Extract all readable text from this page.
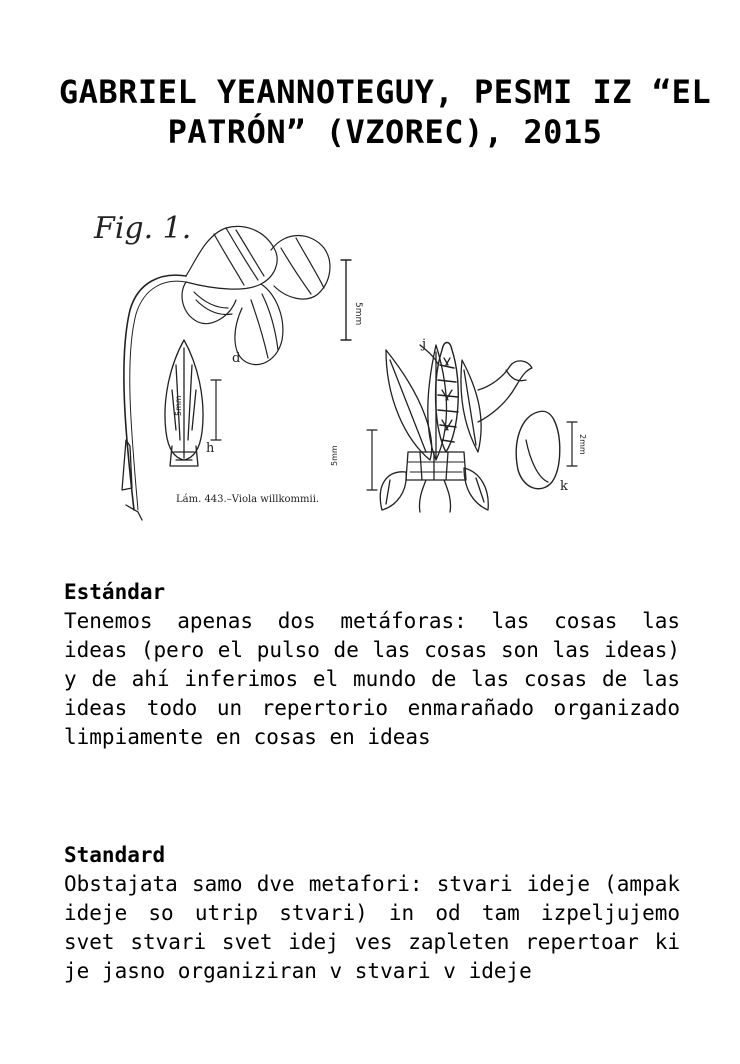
GABRIEL YEANNOTEGUY, PESMI IZ “EL PATRÓN” (VZOREC), 2015
Fig. 1.
d
5mm
5mm
h
Lám. 443.–Viola willkommii.
j
5mm
2mm
k

Estándar

Tenemos apenas dos metáforas: las cosas las ideas (pero el pulso de las cosas son las ideas) y de ahí inferimos el mundo de las cosas de las ideas todo un repertorio enmarañado organizado limpiamente en cosas en ideas

Standard

Obstajata samo dve metafori: stvari ideje (ampak ideje so utrip stvari) in od tam izpeljujemo svet stvari svet idej ves zapleten repertoar ki je jasno organiziran v stvari v ideje
